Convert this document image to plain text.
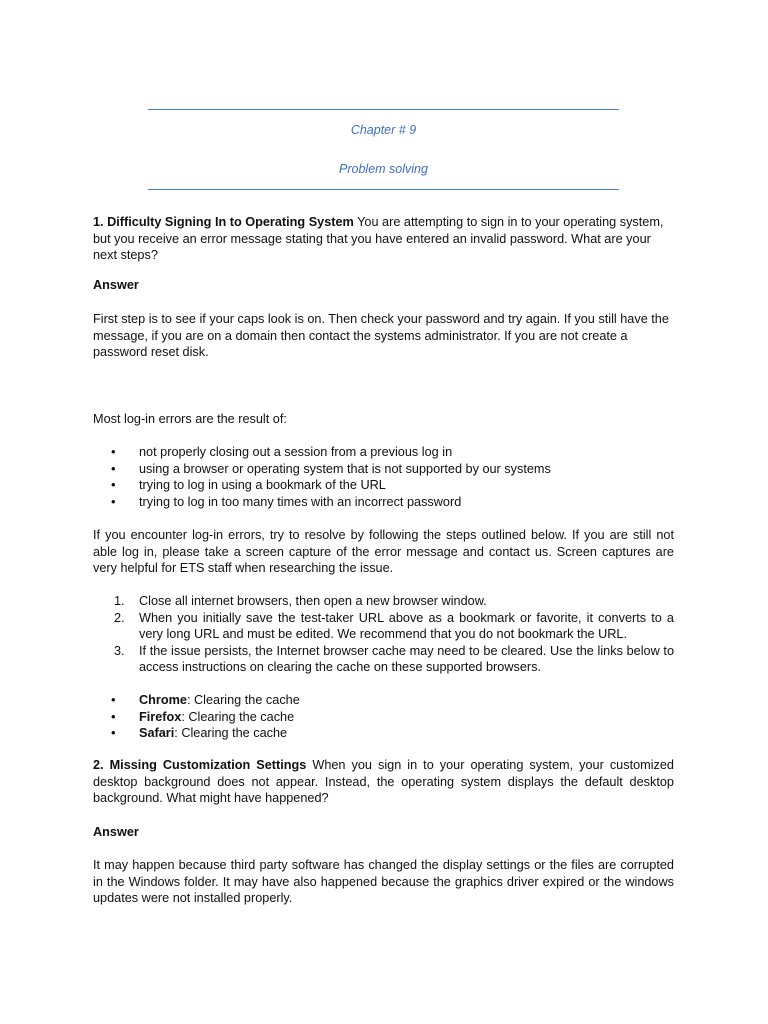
Chapter # 9
Problem solving

1. Difficulty Signing In to Operating System You are attempting to sign in to your operating system, but you receive an error message stating that you have entered an invalid password. What are your next steps?

Answer
First step is to see if your caps look is on. Then check your password and try again. If you still have the message, if you are on a domain then contact the systems administrator. If you are not create a password reset disk.
Most log-in errors are the result of:
• not properly closing out a session from a previous log in
• using a browser or operating system that is not supported by our systems
• trying to log in using a bookmark of the URL
• trying to log in too many times with an incorrect password
If you encounter log-in errors, try to resolve by following the steps outlined below. If you are still not able log in, please take a screen capture of the error message and contact us. Screen captures are very helpful for ETS staff when researching the issue.
1. Close all internet browsers, then open a new browser window.
2. When you initially save the test-taker URL above as a bookmark or favorite, it converts to a very long URL and must be edited. We recommend that you do not bookmark the URL.
3. If the issue persists, the Internet browser cache may need to be cleared. Use the links below to access instructions on clearing the cache on these supported browsers.
• Chrome: Clearing the cache
• Firefox: Clearing the cache
• Safari: Clearing the cache

2. Missing Customization Settings When you sign in to your operating system, your customized desktop background does not appear. Instead, the operating system displays the default desktop background. What might have happened?

Answer
It may happen because third party software has changed the display settings or the files are corrupted in the Windows folder. It may have also happened because the graphics driver expired or the windows updates were not installed properly.
